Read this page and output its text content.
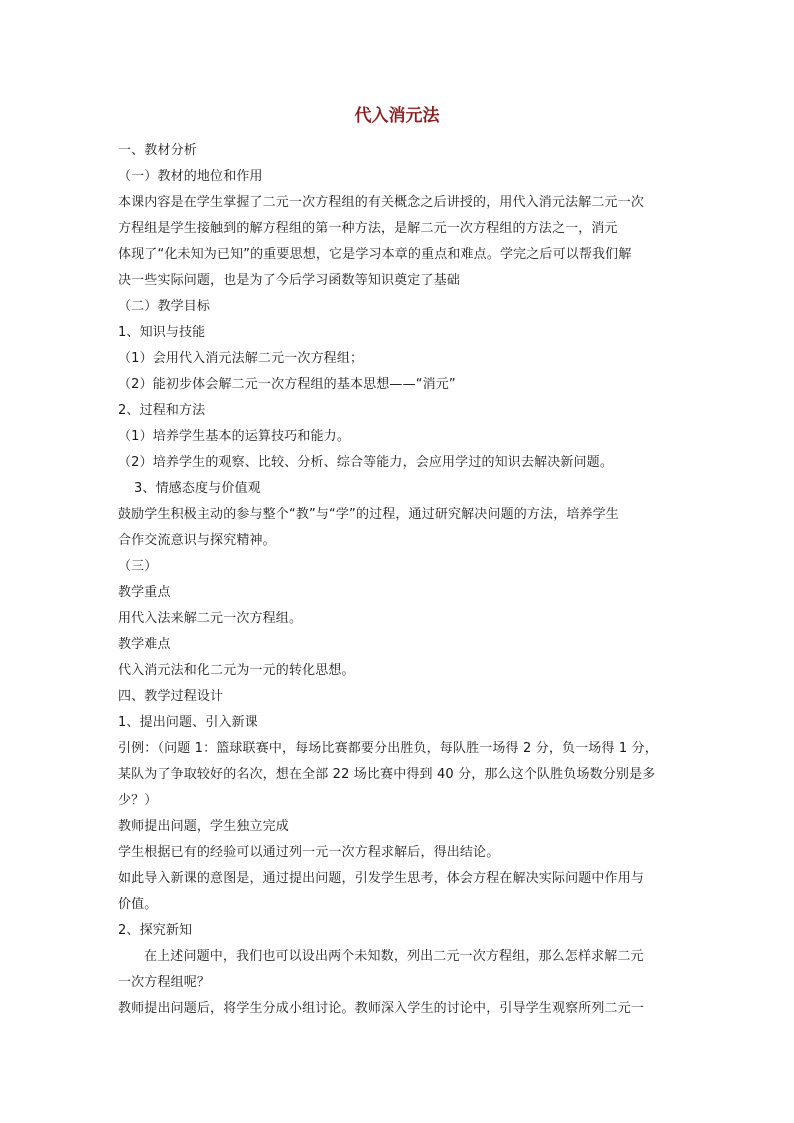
代入消元法
一、教材分析
（一）教材的地位和作用
本课内容是在学生掌握了二元一次方程组的有关概念之后讲授的，用代入消元法解二元一次
方程组是学生接触到的解方程组的第一种方法，是解二元一次方程组的方法之一，消元
体现了“化未知为已知”的重要思想，它是学习本章的重点和难点。学完之后可以帮我们解
决一些实际问题，也是为了今后学习函数等知识奠定了基础
（二）教学目标
1、知识与技能
（1）会用代入消元法解二元一次方程组；
（2）能初步体会解二元一次方程组的基本思想——“消元”
2、过程和方法
（1）培养学生基本的运算技巧和能力。
（2）培养学生的观察、比较、分析、综合等能力，会应用学过的知识去解决新问题。
3、情感态度与价值观
鼓励学生积极主动的参与整个“教”与“学”的过程，通过研究解决问题的方法，培养学生
合作交流意识与探究精神。
（三）
教学重点
用代入法来解二元一次方程组。
教学难点
代入消元法和化二元为一元的转化思想。
四、教学过程设计
1、提出问题、引入新课
引例：（问题 1：篮球联赛中，每场比赛都要分出胜负，每队胜一场得 2 分，负一场得 1 分，
某队为了争取较好的名次，想在全部 22 场比赛中得到 40 分，那么这个队胜负场数分别是多
少？）
教师提出问题，学生独立完成
学生根据已有的经验可以通过列一元一次方程求解后，得出结论。
如此导入新课的意图是，通过提出问题，引发学生思考，体会方程在解决实际问题中作用与
价值。
2、探究新知
在上述问题中，我们也可以设出两个未知数，列出二元一次方程组，那么怎样求解二元
一次方程组呢？
教师提出问题后，将学生分成小组讨论。教师深入学生的讨论中，引导学生观察所列二元一
